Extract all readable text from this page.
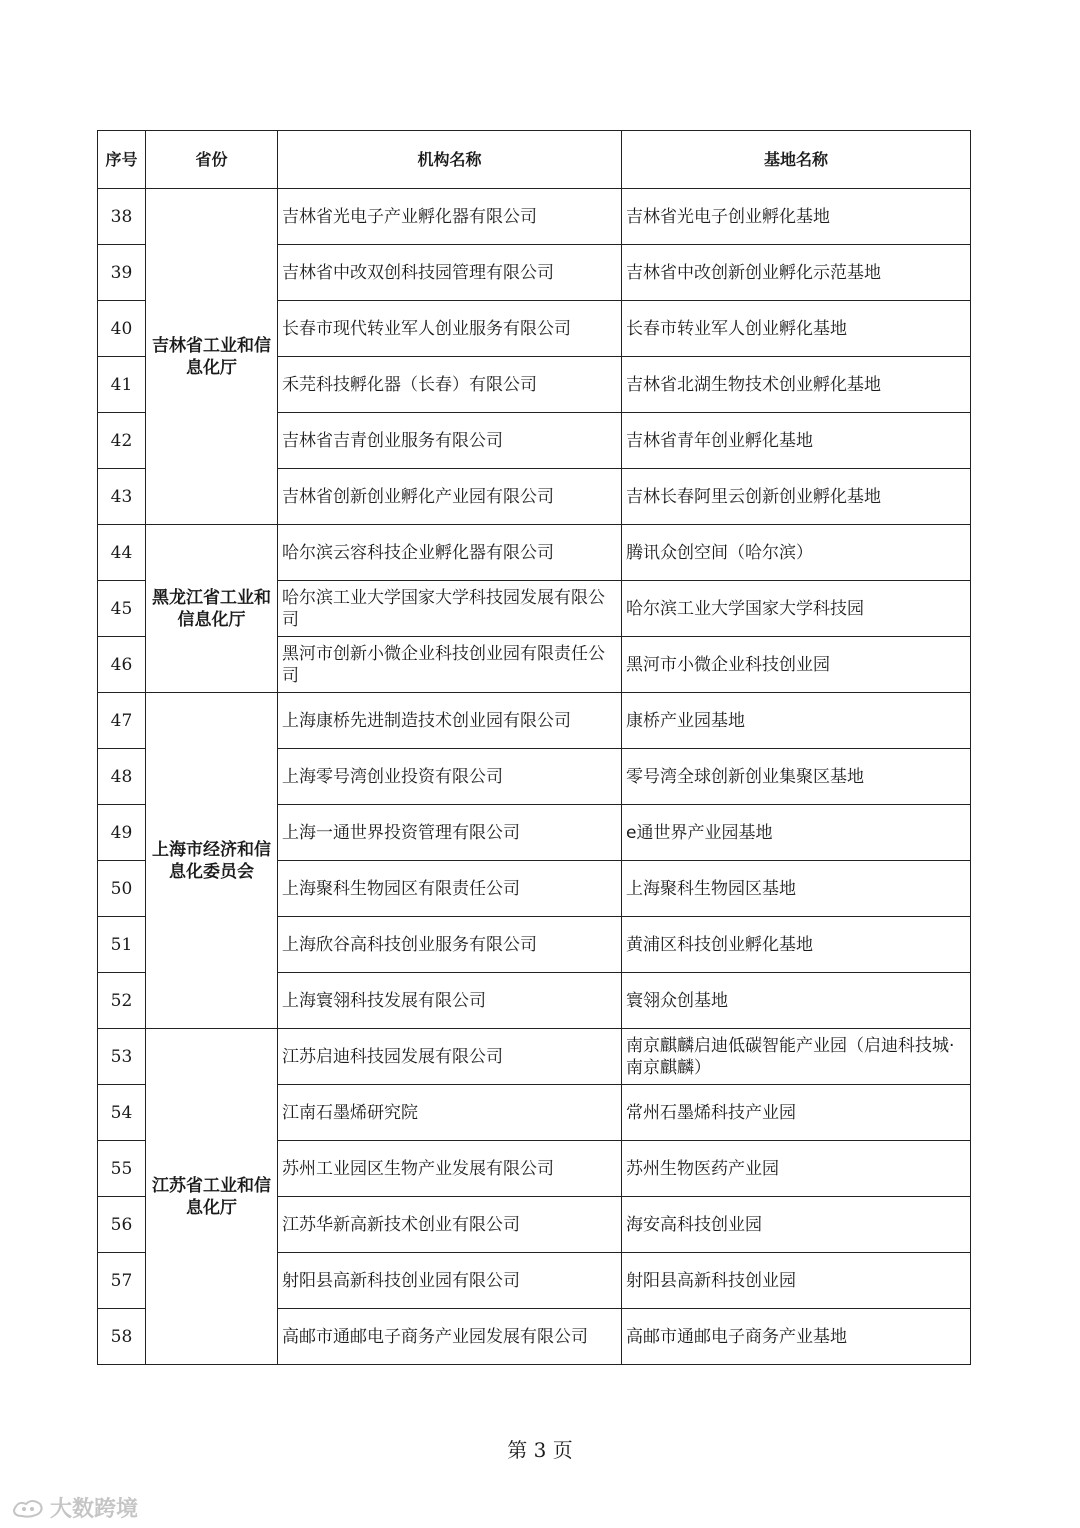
序号	省份	机构名称	基地名称
38	吉林省工业和信息化厅	吉林省光电子产业孵化器有限公司	吉林省光电子创业孵化基地
39		吉林省中改双创科技园管理有限公司	吉林省中改创新创业孵化示范基地
40		长春市现代转业军人创业服务有限公司	长春市转业军人创业孵化基地
41		禾芫科技孵化器（长春）有限公司	吉林省北湖生物技术创业孵化基地
42		吉林省吉青创业服务有限公司	吉林省青年创业孵化基地
43		吉林省创新创业孵化产业园有限公司	吉林长春阿里云创新创业孵化基地
44	黑龙江省工业和信息化厅	哈尔滨云容科技企业孵化器有限公司	腾讯众创空间（哈尔滨）
45		哈尔滨工业大学国家大学科技园发展有限公司	哈尔滨工业大学国家大学科技园
46		黑河市创新小微企业科技创业园有限责任公司	黑河市小微企业科技创业园
47	上海市经济和信息化委员会	上海康桥先进制造技术创业园有限公司	康桥产业园基地
48		上海零号湾创业投资有限公司	零号湾全球创新创业集聚区基地
49		上海一通世界投资管理有限公司	e通世界产业园基地
50		上海聚科生物园区有限责任公司	上海聚科生物园区基地
51		上海欣谷高科技创业服务有限公司	黄浦区科技创业孵化基地
52		上海寰翎科技发展有限公司	寰翎众创基地
53	江苏省工业和信息化厅	江苏启迪科技园发展有限公司	南京麒麟启迪低碳智能产业园（启迪科技城·南京麒麟）
54		江南石墨烯研究院	常州石墨烯科技产业园
55		苏州工业园区生物产业发展有限公司	苏州生物医药产业园
56		江苏华新高新技术创业有限公司	海安高科技创业园
57		射阳县高新科技创业园有限公司	射阳县高新科技创业园
58		高邮市通邮电子商务产业园发展有限公司	高邮市通邮电子商务产业基地
第 3 页
大数跨境
